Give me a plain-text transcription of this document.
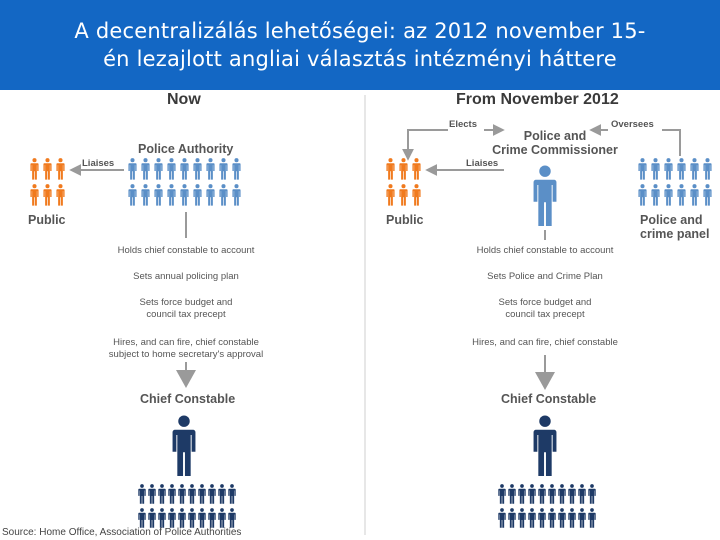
A decentralizálás lehetőségei: az 2012 november 15-
én lezajlott angliai választás intézményi háttere
Now
Police Authority
Liaises
Public
Holds chief constable to account
Sets annual policing plan
Sets force budget and
council tax precept
Hires, and can fire, chief constable
subject to home secretary's approval
Chief Constable
From November 2012
Elects	Oversees
Police and
Crime Commissioner
Liaises
Public	Police and
crime panel
Holds chief constable to account
Sets Police and Crime Plan
Sets force budget and
council tax precept
Hires, and can fire, chief constable
Chief Constable
Source: Home Office, Association of Police Authorities
